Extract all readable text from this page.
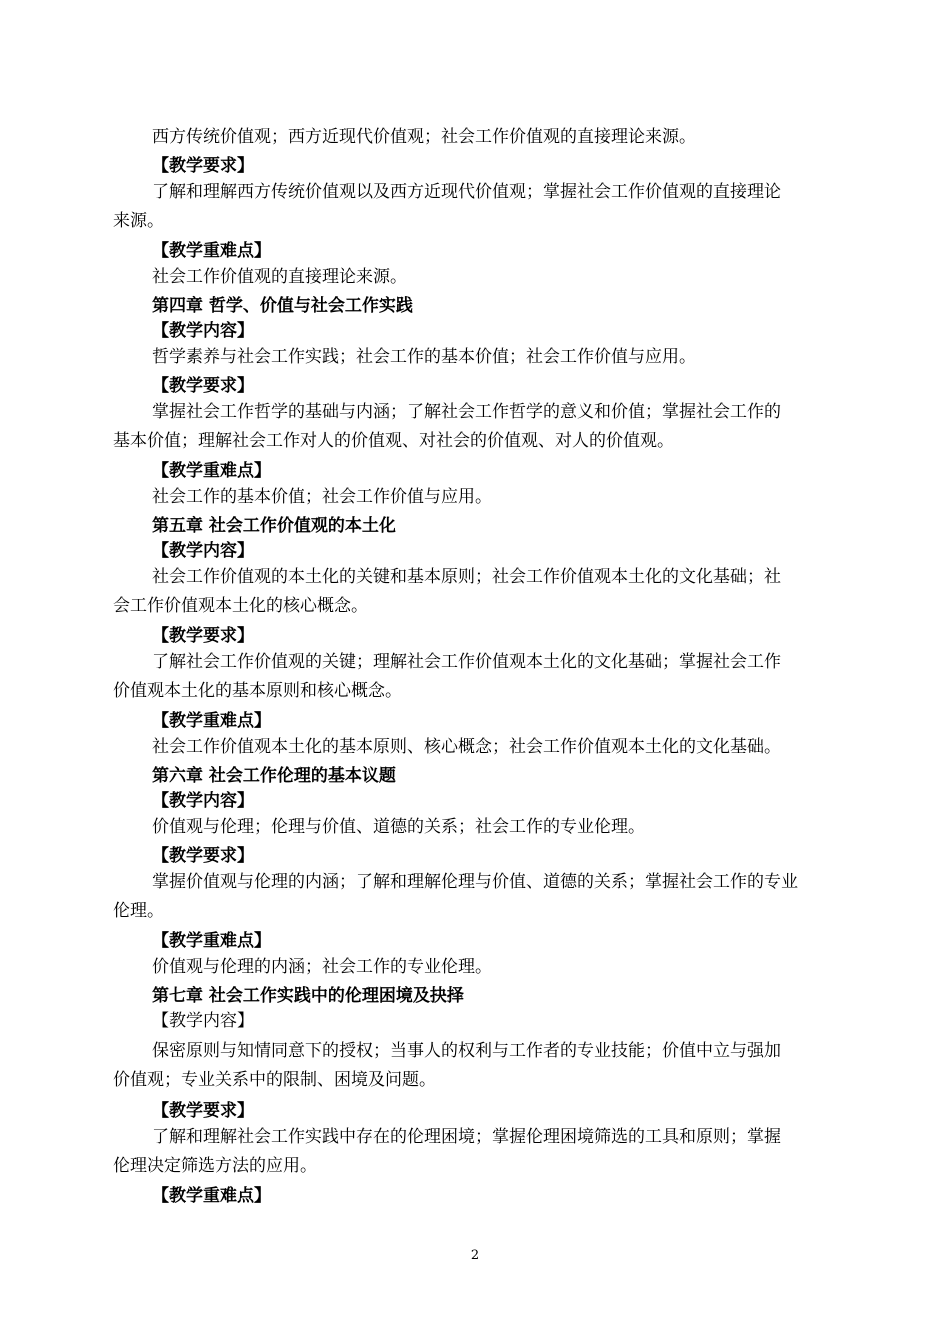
西方传统价值观；西方近现代价值观；社会工作价值观的直接理论来源。
【教学要求】
了解和理解西方传统价值观以及西方近现代价值观；掌握社会工作价值观的直接理论
来源。
【教学重难点】
社会工作价值观的直接理论来源。
第四章 哲学、价值与社会工作实践
【教学内容】
哲学素养与社会工作实践；社会工作的基本价值；社会工作价值与应用。
【教学要求】
掌握社会工作哲学的基础与内涵；了解社会工作哲学的意义和价值；掌握社会工作的
基本价值；理解社会工作对人的价值观、对社会的价值观、对人的价值观。
【教学重难点】
社会工作的基本价值；社会工作价值与应用。
第五章 社会工作价值观的本土化
【教学内容】
社会工作价值观的本土化的关键和基本原则；社会工作价值观本土化的文化基础；社
会工作价值观本土化的核心概念。
【教学要求】
了解社会工作价值观的关键；理解社会工作价值观本土化的文化基础；掌握社会工作
价值观本土化的基本原则和核心概念。
【教学重难点】
社会工作价值观本土化的基本原则、核心概念；社会工作价值观本土化的文化基础。
第六章 社会工作伦理的基本议题
【教学内容】
价值观与伦理；伦理与价值、道德的关系；社会工作的专业伦理。
【教学要求】
掌握价值观与伦理的内涵；了解和理解伦理与价值、道德的关系；掌握社会工作的专业
伦理。
【教学重难点】
价值观与伦理的内涵；社会工作的专业伦理。
第七章 社会工作实践中的伦理困境及抉择
【教学内容】
保密原则与知情同意下的授权；当事人的权利与工作者的专业技能；价值中立与强加
价值观；专业关系中的限制、困境及问题。
【教学要求】
了解和理解社会工作实践中存在的伦理困境；掌握伦理困境筛选的工具和原则；掌握
伦理决定筛选方法的应用。
【教学重难点】
2
